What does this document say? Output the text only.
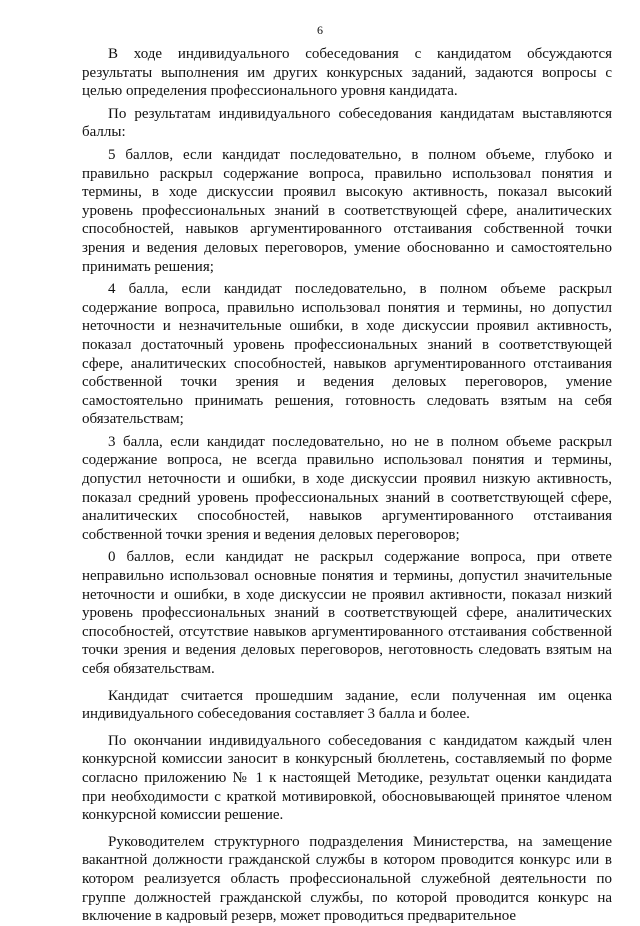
6

В ходе индивидуального собеседования с кандидатом обсуждаются результаты выполнения им других конкурсных заданий, задаются вопросы с целью определения профессионального уровня кандидата.

По результатам индивидуального собеседования кандидатам выставляются баллы:

5 баллов, если кандидат последовательно, в полном объеме, глубоко и правильно раскрыл содержание вопроса, правильно использовал понятия и термины, в ходе дискуссии проявил высокую активность, показал высокий уровень профессиональных знаний в соответствующей сфере, аналитических способностей, навыков аргументированного отстаивания собственной точки зрения и ведения деловых переговоров, умение обоснованно и самостоятельно принимать решения;

4 балла, если кандидат последовательно, в полном объеме раскрыл содержание вопроса, правильно использовал понятия и термины, но допустил неточности и незначительные ошибки, в ходе дискуссии проявил активность, показал достаточный уровень профессиональных знаний в соответствующей сфере, аналитических способностей, навыков аргументированного отстаивания собственной точки зрения и ведения деловых переговоров, умение самостоятельно принимать решения, готовность следовать взятым на себя обязательствам;

3 балла, если кандидат последовательно, но не в полном объеме раскрыл содержание вопроса, не всегда правильно использовал понятия и термины, допустил неточности и ошибки, в ходе дискуссии проявил низкую активность, показал средний уровень профессиональных знаний в соответствующей сфере, аналитических способностей, навыков аргументированного отстаивания собственной точки зрения и ведения деловых переговоров;

0 баллов, если кандидат не раскрыл содержание вопроса, при ответе неправильно использовал основные понятия и термины, допустил значительные неточности и ошибки, в ходе дискуссии не проявил активности, показал низкий уровень профессиональных знаний в соответствующей сфере, аналитических способностей, отсутствие навыков аргументированного отстаивания собственной точки зрения и ведения деловых переговоров, неготовность следовать взятым на себя обязательствам.

Кандидат считается прошедшим задание, если полученная им оценка индивидуального собеседования составляет 3 балла и более.

По окончании индивидуального собеседования с кандидатом каждый член конкурсной комиссии заносит в конкурсный бюллетень, составляемый по форме согласно приложению № 1 к настоящей Методике, результат оценки кандидата при необходимости с краткой мотивировкой, обосновывающей принятое членом конкурсной комиссии решение.

Руководителем структурного подразделения Министерства, на замещение вакантной должности гражданской службы в котором проводится конкурс или в котором реализуется область профессиональной служебной деятельности по группе должностей гражданской службы, по которой проводится конкурс на включение в кадровый резерв, может проводиться предварительное
